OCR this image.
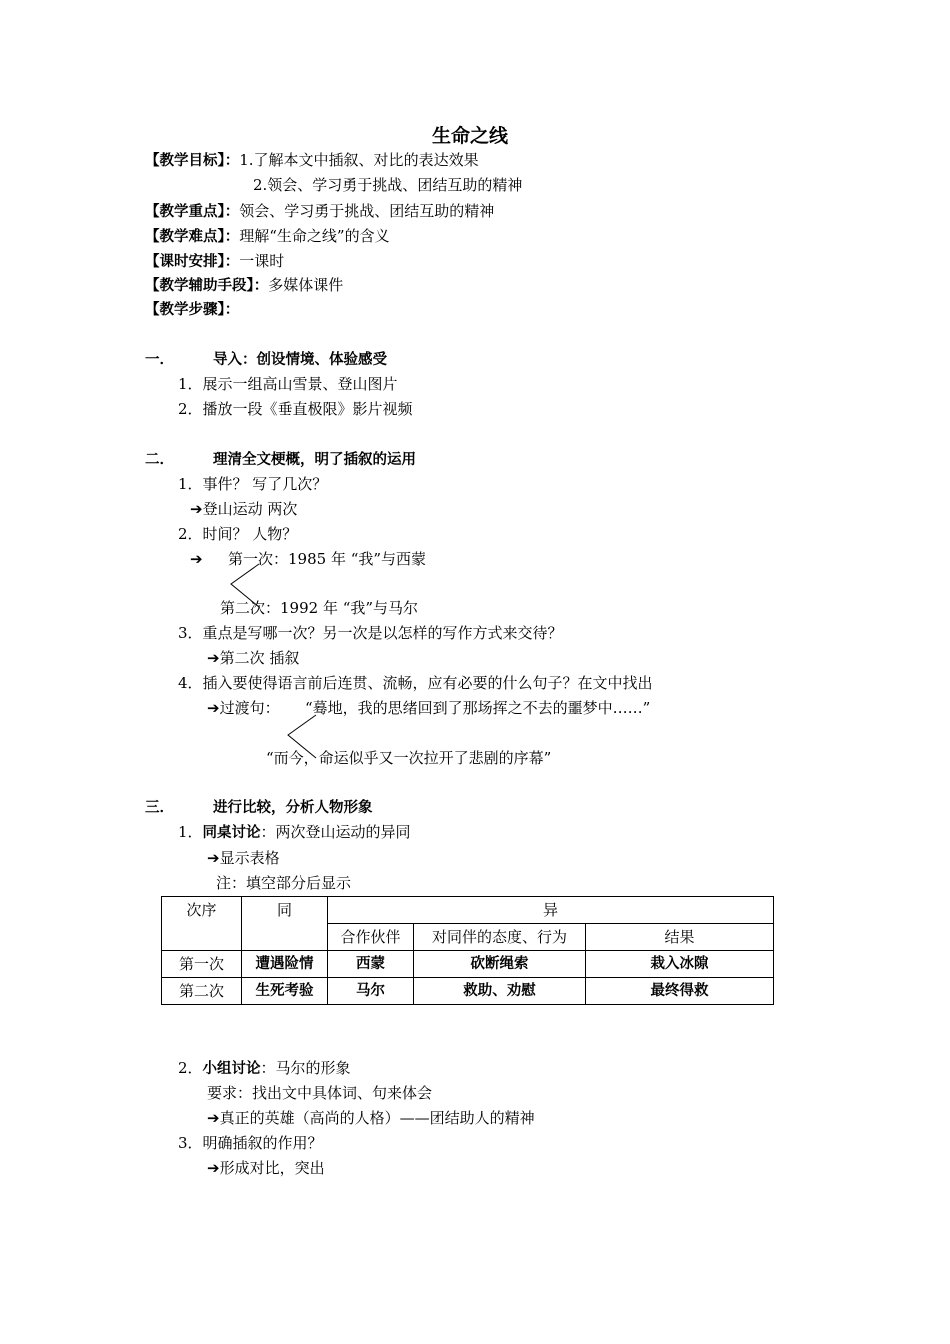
生命之线
【教学目标】：1.了解本文中插叙、对比的表达效果
2.领会、学习勇于挑战、团结互助的精神
【教学重点】：领会、学习勇于挑战、团结互助的精神
【教学难点】：理解“生命之线”的含义
【课时安排】：一课时
【教学辅助手段】：多媒体课件
【教学步骤】：
一．	导入：创设情境、体验感受
1．展示一组高山雪景、登山图片
2．播放一段《垂直极限》影片视频
二．	理清全文梗概，明了插叙的运用
1．事件？ 写了几次？
➔登山运动 两次
2．时间？ 人物？
➔ 第一次：1985 年 “我”与西蒙
第二次：1992 年 “我”与马尔
3．重点是写哪一次？另一次是以怎样的写作方式来交待？
➔第二次 插叙
4．插入要使得语言前后连贯、流畅，应有必要的什么句子？在文中找出
➔过渡句： “蓦地，我的思绪回到了那场挥之不去的噩梦中……”
“而今，命运似乎又一次拉开了悲剧的序幕”
三．	进行比较，分析人物形象
1．同桌讨论：两次登山运动的异同
➔显示表格
注：填空部分后显示
次序	同	异		
		合作伙伴	对同伴的态度、行为	结果
第一次	遭遇险情	西蒙	砍断绳索	栽入冰隙
第二次	生死考验	马尔	救助、劝慰	最终得救
2．小组讨论：马尔的形象
要求：找出文中具体词、句来体会
➔真正的英雄（高尚的人格）——团结助人的精神
3．明确插叙的作用？
➔形成对比，突出
